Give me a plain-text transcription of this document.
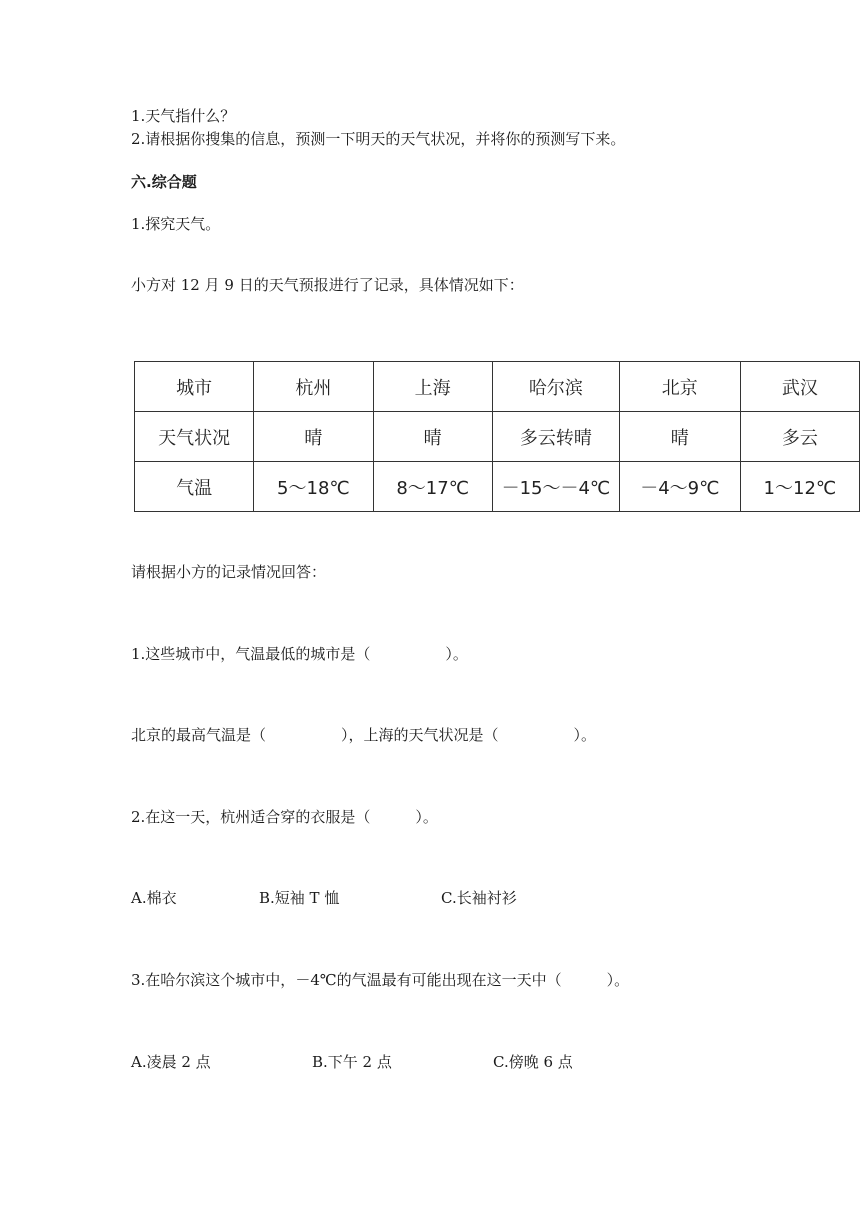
1.天气指什么？
2.请根据你搜集的信息，预测一下明天的天气状况，并将你的预测写下来。
六.综合题
1.探究天气。
小方对 12 月 9 日的天气预报进行了记录，具体情况如下：
城市	杭州	上海	哈尔滨	北京	武汉
天气状况	晴	晴	多云转晴	晴	多云
气温	5～18℃	8～17℃	－15～－4℃	－4～9℃	1～12℃
请根据小方的记录情况回答：
1.这些城市中，气温最低的城市是（　　　　　）。
北京的最高气温是（　　　　　），上海的天气状况是（　　　　　）。
2.在这一天，杭州适合穿的衣服是（　　　）。
A.棉衣	B.短袖 T 恤	C.长袖衬衫
3.在哈尔滨这个城市中，－4℃的气温最有可能出现在这一天中（　　　）。
A.凌晨 2 点	B.下午 2 点	C.傍晚 6 点
